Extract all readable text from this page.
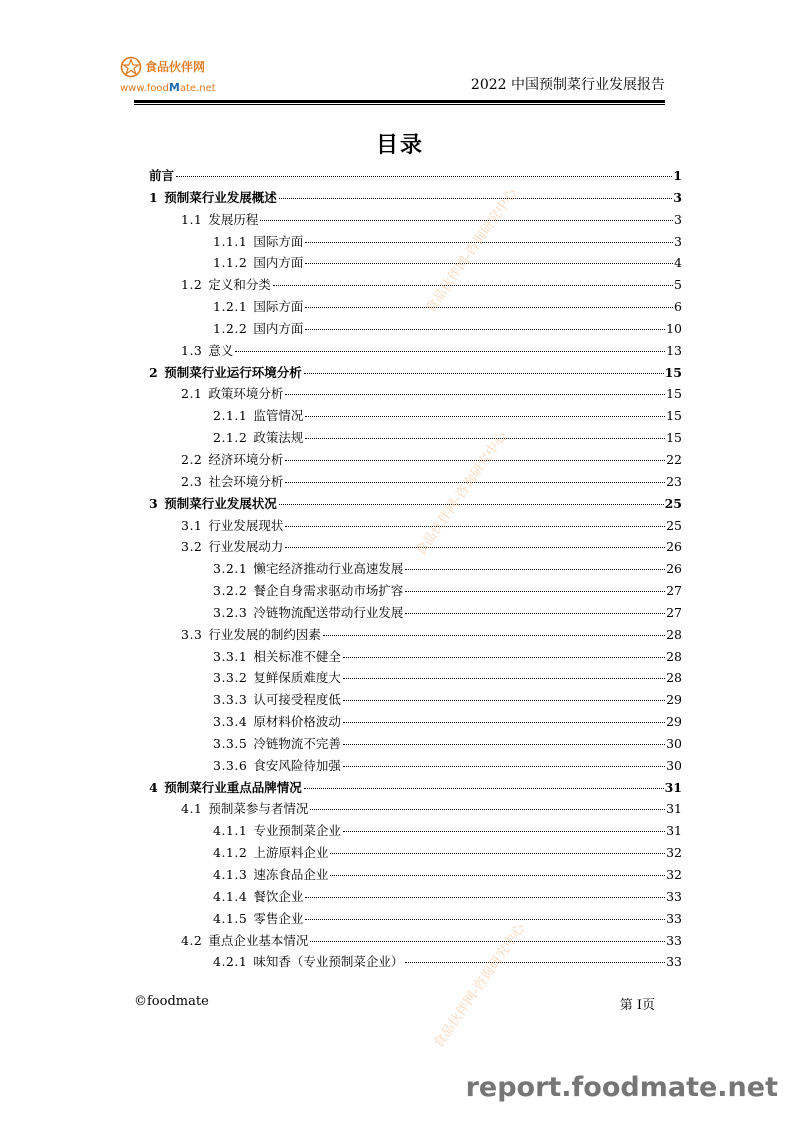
食品伙伴网
www.foodMate.net	2022 中国预制菜行业发展报告
目录
前言	1
1 预制菜行业发展概述	3
1.1 发展历程	3
1.1.1 国际方面	3
1.1.2 国内方面	4
1.2 定义和分类	5
1.2.1 国际方面	6
1.2.2 国内方面	10
1.3 意义	13
2 预制菜行业运行环境分析	15
2.1 政策环境分析	15
2.1.1 监管情况	15
2.1.2 政策法规	15
2.2 经济环境分析	22
2.3 社会环境分析	23
3 预制菜行业发展状况	25
3.1 行业发展现状	25
3.2 行业发展动力	26
3.2.1 懒宅经济推动行业高速发展	26
3.2.2 餐企自身需求驱动市场扩容	27
3.2.3 冷链物流配送带动行业发展	27
3.3 行业发展的制约因素	28
3.3.1 相关标准不健全	28
3.3.2 复鲜保质难度大	28
3.3.3 认可接受程度低	29
3.3.4 原材料价格波动	29
3.3.5 冷链物流不完善	30
3.3.6 食安风险待加强	30
4 预制菜行业重点品牌情况	31
4.1 预制菜参与者情况	31
4.1.1 专业预制菜企业	31
4.1.2 上游原料企业	32
4.1.3 速冻食品企业	32
4.1.4 餐饮企业	33
4.1.5 零售企业	33
4.2 重点企业基本情况	33
4.2.1 味知香（专业预制菜企业）	33
©foodmate	第 I页
report.foodmate.net
食品伙伴网-咨询研究中心
食品伙伴网-咨询研究中心
食品伙伴网-咨询研究中心
